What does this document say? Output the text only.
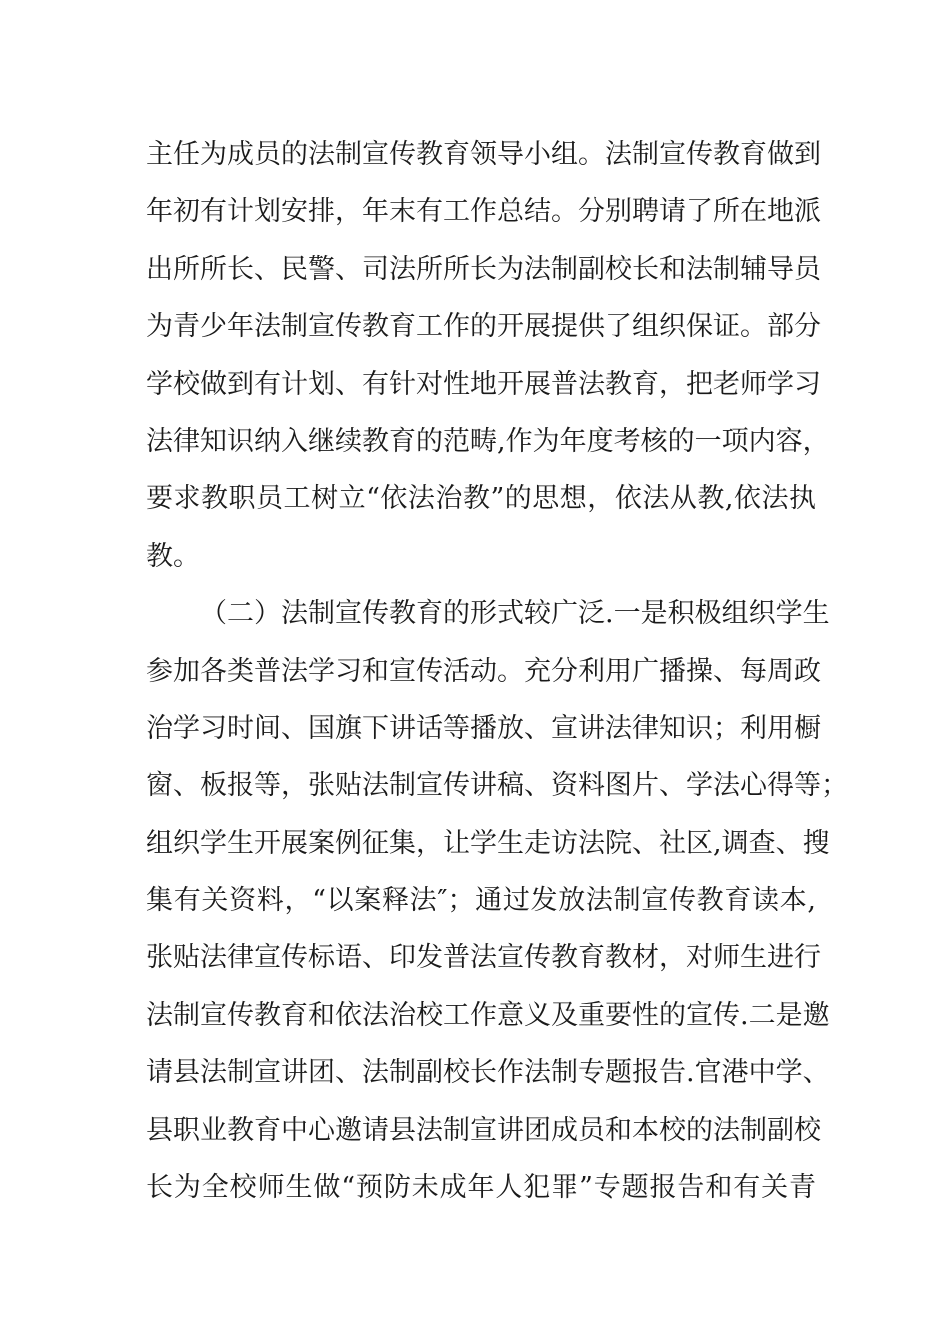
主任为成员的法制宣传教育领导小组。法制宣传教育做到
年初有计划安排，年末有工作总结。分别聘请了所在地派
出所所长、民警、司法所所长为法制副校长和法制辅导员
为青少年法制宣传教育工作的开展提供了组织保证。部分
学校做到有计划、有针对性地开展普法教育，把老师学习
法律知识纳入继续教育的范畴,作为年度考核的一项内容，
要求教职员工树立“依法治教”的思想，依法从教,依法执
教。
（二）法制宣传教育的形式较广泛.一是积极组织学生
参加各类普法学习和宣传活动。充分利用广播操、每周政
治学习时间、国旗下讲话等播放、宣讲法律知识；利用橱
窗、板报等，张贴法制宣传讲稿、资料图片、学法心得等；
组织学生开展案例征集，让学生走访法院、社区,调查、搜
集有关资料，“以案释法″；通过发放法制宣传教育读本,
张贴法律宣传标语、印发普法宣传教育教材，对师生进行
法制宣传教育和依法治校工作意义及重要性的宣传.二是邀
请县法制宣讲团、法制副校长作法制专题报告.官港中学、
县职业教育中心邀请县法制宣讲团成员和本校的法制副校
长为全校师生做“预防未成年人犯罪”专题报告和有关青
